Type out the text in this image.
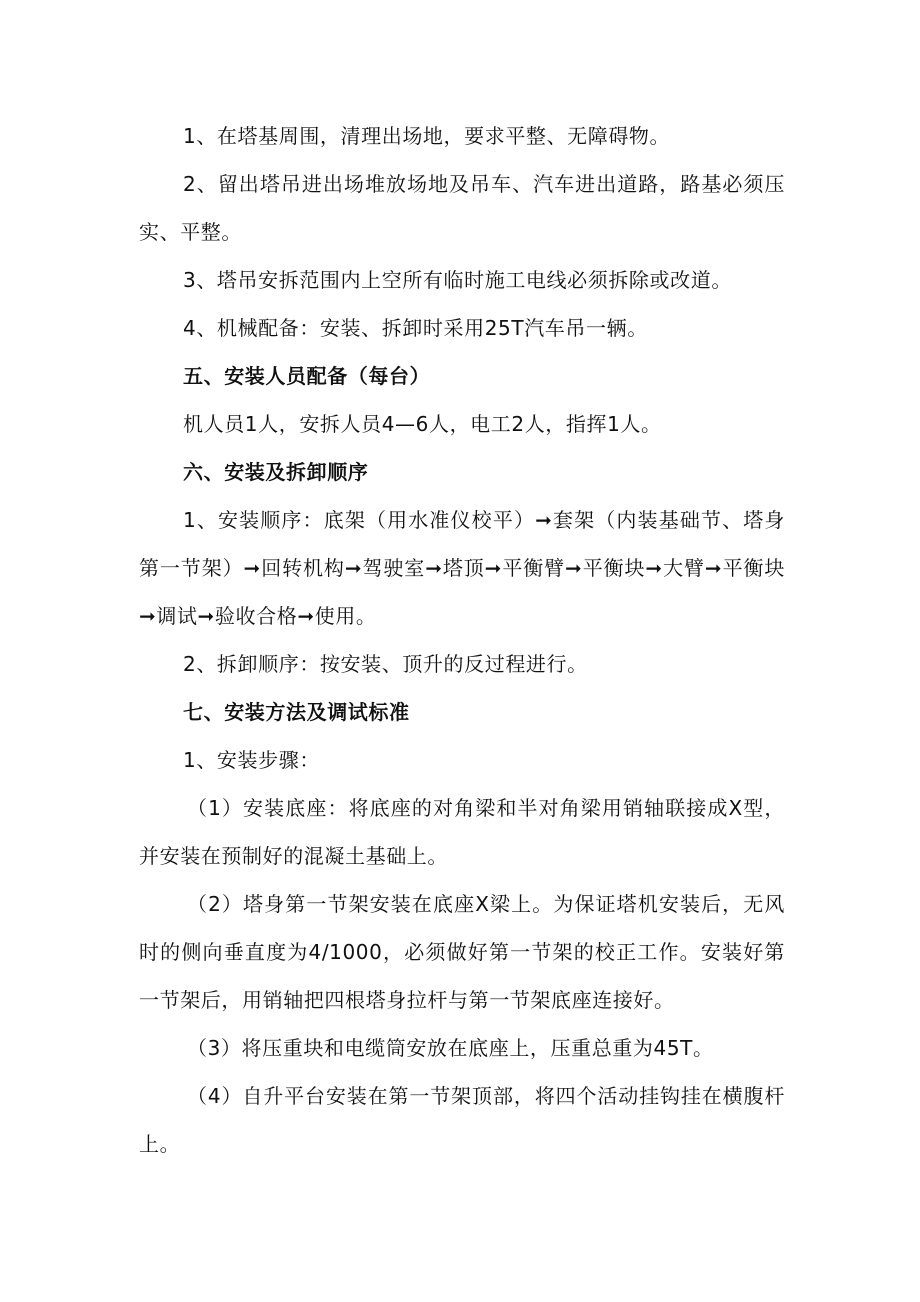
1、在塔基周围，清理出场地，要求平整、无障碍物。

2、留出塔吊进出场堆放场地及吊车、汽车进出道路，路基必须压实、平整。

3、塔吊安拆范围内上空所有临时施工电线必须拆除或改道。

4、机械配备：安装、拆卸时采用25T汽车吊一辆。

五、安装人员配备（每台）

机人员1人，安拆人员4—6人，电工2人，指挥1人。

六、安装及拆卸顺序

1、安装顺序：底架（用水准仪校平）➞套架（内装基础节、塔身第一节架）➞回转机构➞驾驶室➞塔顶➞平衡臂➞平衡块➞大臂➞平衡块➞调试➞验收合格➞使用。

2、拆卸顺序：按安装、顶升的反过程进行。

七、安装方法及调试标准

1、安装步骤：

（1）安装底座：将底座的对角梁和半对角梁用销轴联接成X型，并安装在预制好的混凝土基础上。

（2）塔身第一节架安装在底座X梁上。为保证塔机安装后，无风时的侧向垂直度为4/1000，必须做好第一节架的校正工作。安装好第一节架后，用销轴把四根塔身拉杆与第一节架底座连接好。

（3）将压重块和电缆筒安放在底座上，压重总重为45T。

（4）自升平台安装在第一节架顶部，将四个活动挂钩挂在横腹杆上。
